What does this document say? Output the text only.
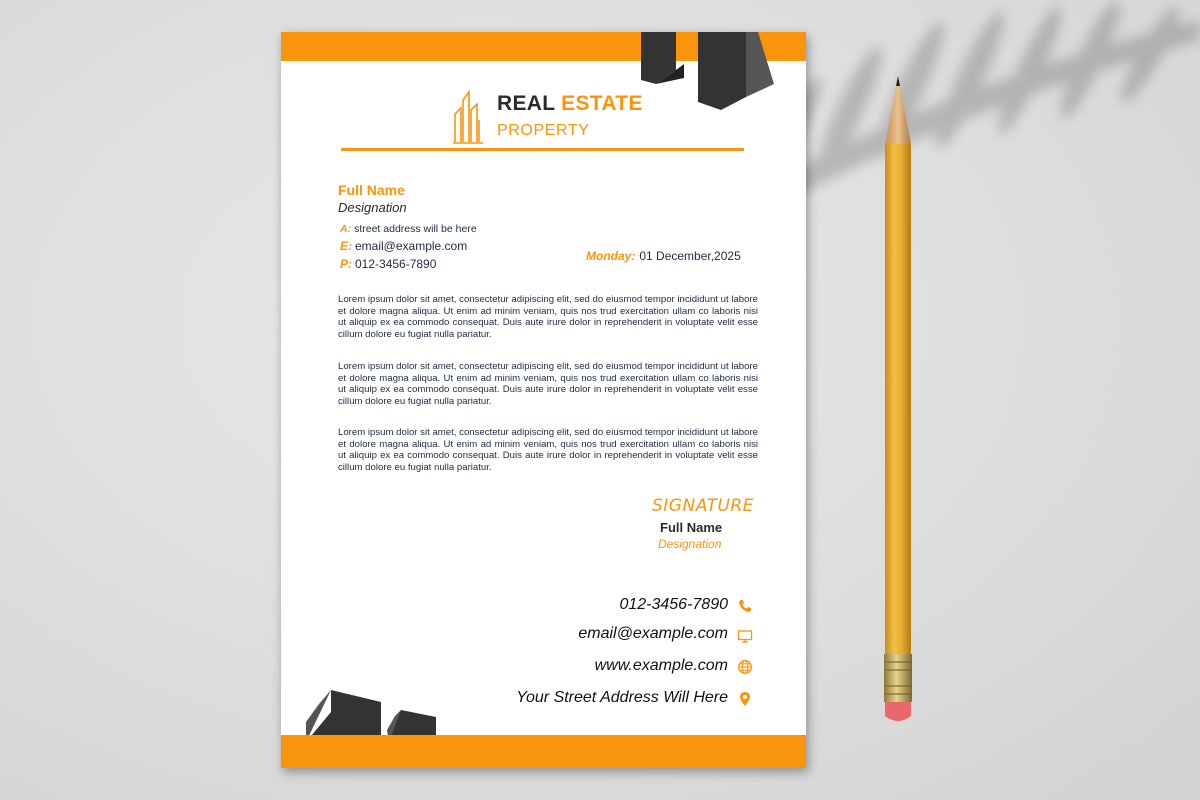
REAL ESTATE
PROPERTY
Full Name
Designation
A: street address will be here
E: email@example.com
P: 012-3456-7890
Monday: 01 December,2025
Lorem ipsum dolor sit amet, consectetur adipiscing elit, sed do eiusmod tempor incididunt ut labore et dolore magna aliqua. Ut enim ad minim veniam, quis nos trud exercitation ullam co laboris nisi ut aliquip ex ea commodo consequat. Duis aute irure dolor in reprehenderit in voluptate velit esse cillum dolore eu fugiat nulla pariatur.
Lorem ipsum dolor sit amet, consectetur adipiscing elit, sed do eiusmod tempor incididunt ut labore et dolore magna aliqua. Ut enim ad minim veniam, quis nos trud exercitation ullam co laboris nisi ut aliquip ex ea commodo consequat. Duis aute irure dolor in reprehenderit in voluptate velit esse cillum dolore eu fugiat nulla pariatur.
Lorem ipsum dolor sit amet, consectetur adipiscing elit, sed do eiusmod tempor incididunt ut labore et dolore magna aliqua. Ut enim ad minim veniam, quis nos trud exercitation ullam co laboris nisi ut aliquip ex ea commodo consequat. Duis aute irure dolor in reprehenderit in voluptate velit esse cillum dolore eu fugiat nulla pariatur.
SIGNATURE
Full Name
Designation
012-3456-7890
email@example.com
www.example.com
Your Street Address Will Here
